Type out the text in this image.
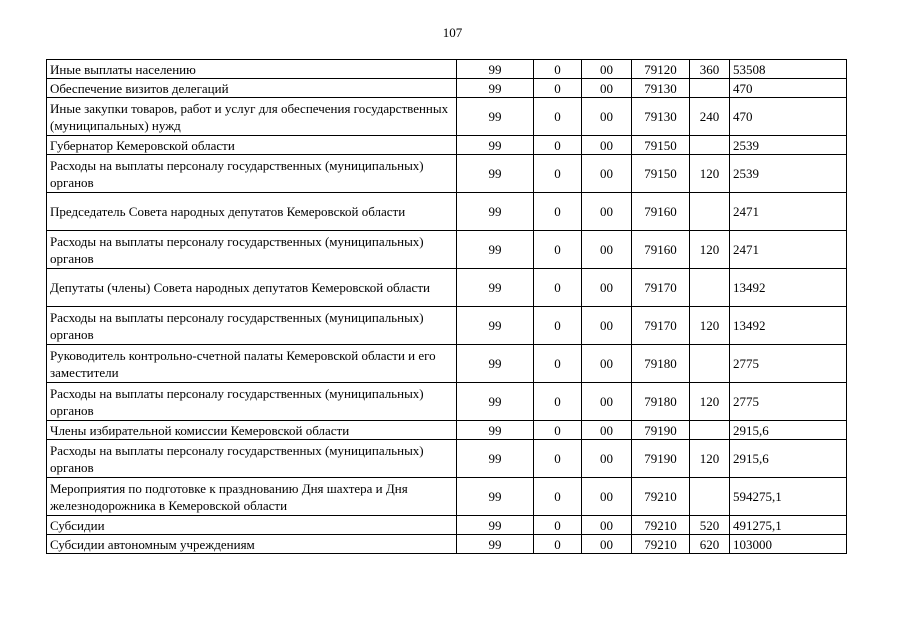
107
Иные выплаты населению	99	0	00	79120	360	53508
Обеспечение визитов делегаций	99	0	00	79130		470
Иные закупки товаров, работ и услуг для обеспечения государственных (муниципальных) нужд	99	0	00	79130	240	470
Губернатор Кемеровской области	99	0	00	79150		2539
Расходы на выплаты персоналу государственных (муниципальных) органов	99	0	00	79150	120	2539
Председатель Совета народных депутатов Кемеровской области	99	0	00	79160		2471
Расходы на выплаты персоналу государственных (муниципальных) органов	99	0	00	79160	120	2471
Депутаты (члены) Совета народных депутатов Кемеровской области	99	0	00	79170		13492
Расходы на выплаты персоналу государственных (муниципальных) органов	99	0	00	79170	120	13492
Руководитель контрольно-счетной палаты Кемеровской области и его заместители	99	0	00	79180		2775
Расходы на выплаты персоналу государственных (муниципальных) органов	99	0	00	79180	120	2775
Члены избирательной комиссии Кемеровской области	99	0	00	79190		2915,6
Расходы на выплаты персоналу государственных (муниципальных) органов	99	0	00	79190	120	2915,6
Мероприятия по подготовке к празднованию Дня шахтера и Дня железнодорожника в Кемеровской области	99	0	00	79210		594275,1
Субсидии	99	0	00	79210	520	491275,1
Субсидии автономным учреждениям	99	0	00	79210	620	103000
